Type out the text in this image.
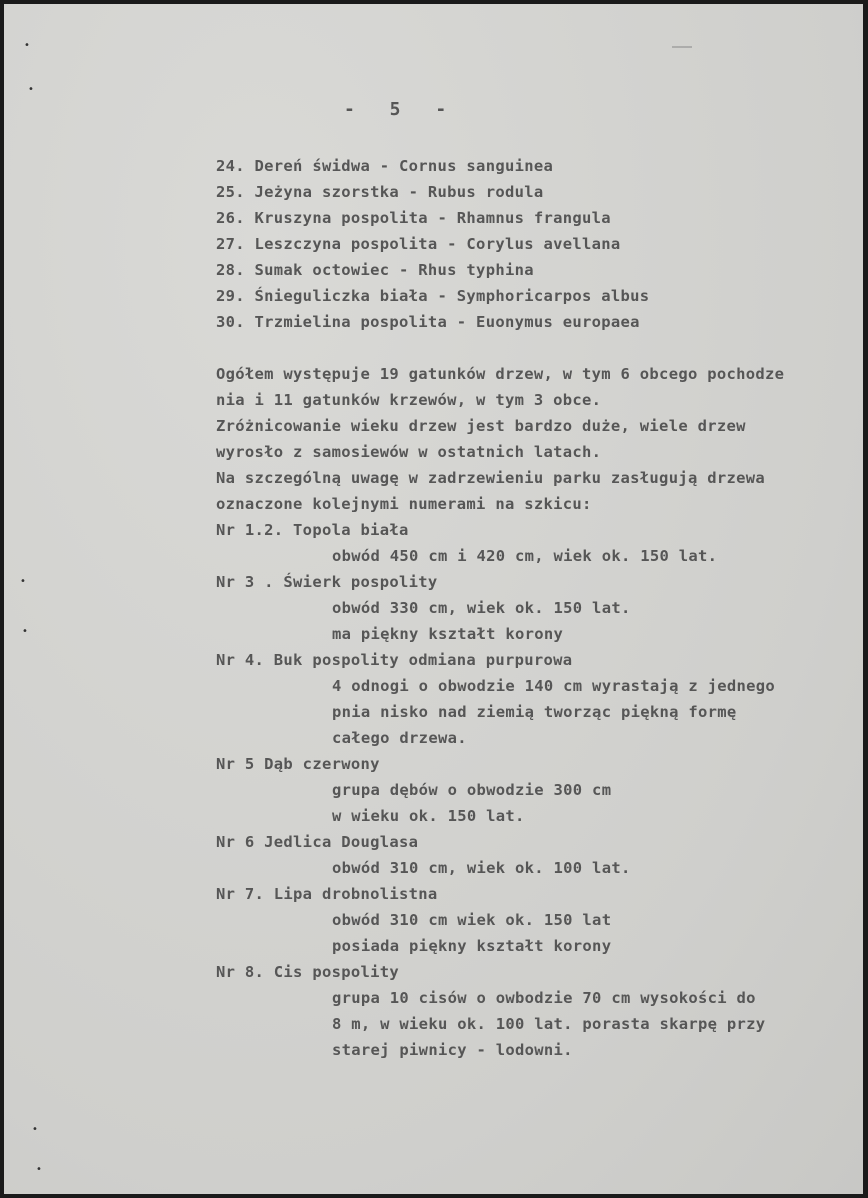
- 5 -
24. Dereń świdwa - Cornus sanguinea
25. Jeżyna szorstka - Rubus rodula
26. Kruszyna pospolita - Rhamnus frangula
27. Leszczyna pospolita - Corylus avellana
28. Sumak octowiec - Rhus typhina
29. Śnieguliczka biała - Symphoricarpos albus
30. Trzmielina pospolita - Euonymus europaea
Ogółem występuje 19 gatunków drzew, w tym 6 obcego pochodze
nia i 11 gatunków krzewów, w tym 3 obce.
Zróżnicowanie wieku drzew jest bardzo duże, wiele drzew
wyrosło z samosiewów w ostatnich latach.
Na szczególną uwagę w zadrzewieniu parku zasługują drzewa
oznaczone kolejnymi numerami na szkicu:
Nr 1.2. Topola biała
obwód 450 cm i 420 cm, wiek ok. 150 lat.
Nr 3 . Świerk pospolity
obwód 330 cm, wiek ok. 150 lat.
ma piękny kształt korony
Nr 4. Buk pospolity odmiana purpurowa
4 odnogi o obwodzie 140 cm wyrastają z jednego
pnia nisko nad ziemią tworząc piękną formę
całego drzewa.
Nr 5 Dąb czerwony
grupa dębów o obwodzie 300 cm
w wieku ok. 150 lat.
Nr 6 Jedlica Douglasa
obwód 310 cm, wiek ok. 100 lat.
Nr 7. Lipa drobnolistna
obwód 310 cm wiek ok. 150 lat
posiada piękny kształt korony
Nr 8. Cis pospolity
grupa 10 cisów o owbodzie 70 cm wysokości do
8 m, w wieku ok. 100 lat. porasta skarpę przy
starej piwnicy - lodowni.
•
•
•
•
•
•
